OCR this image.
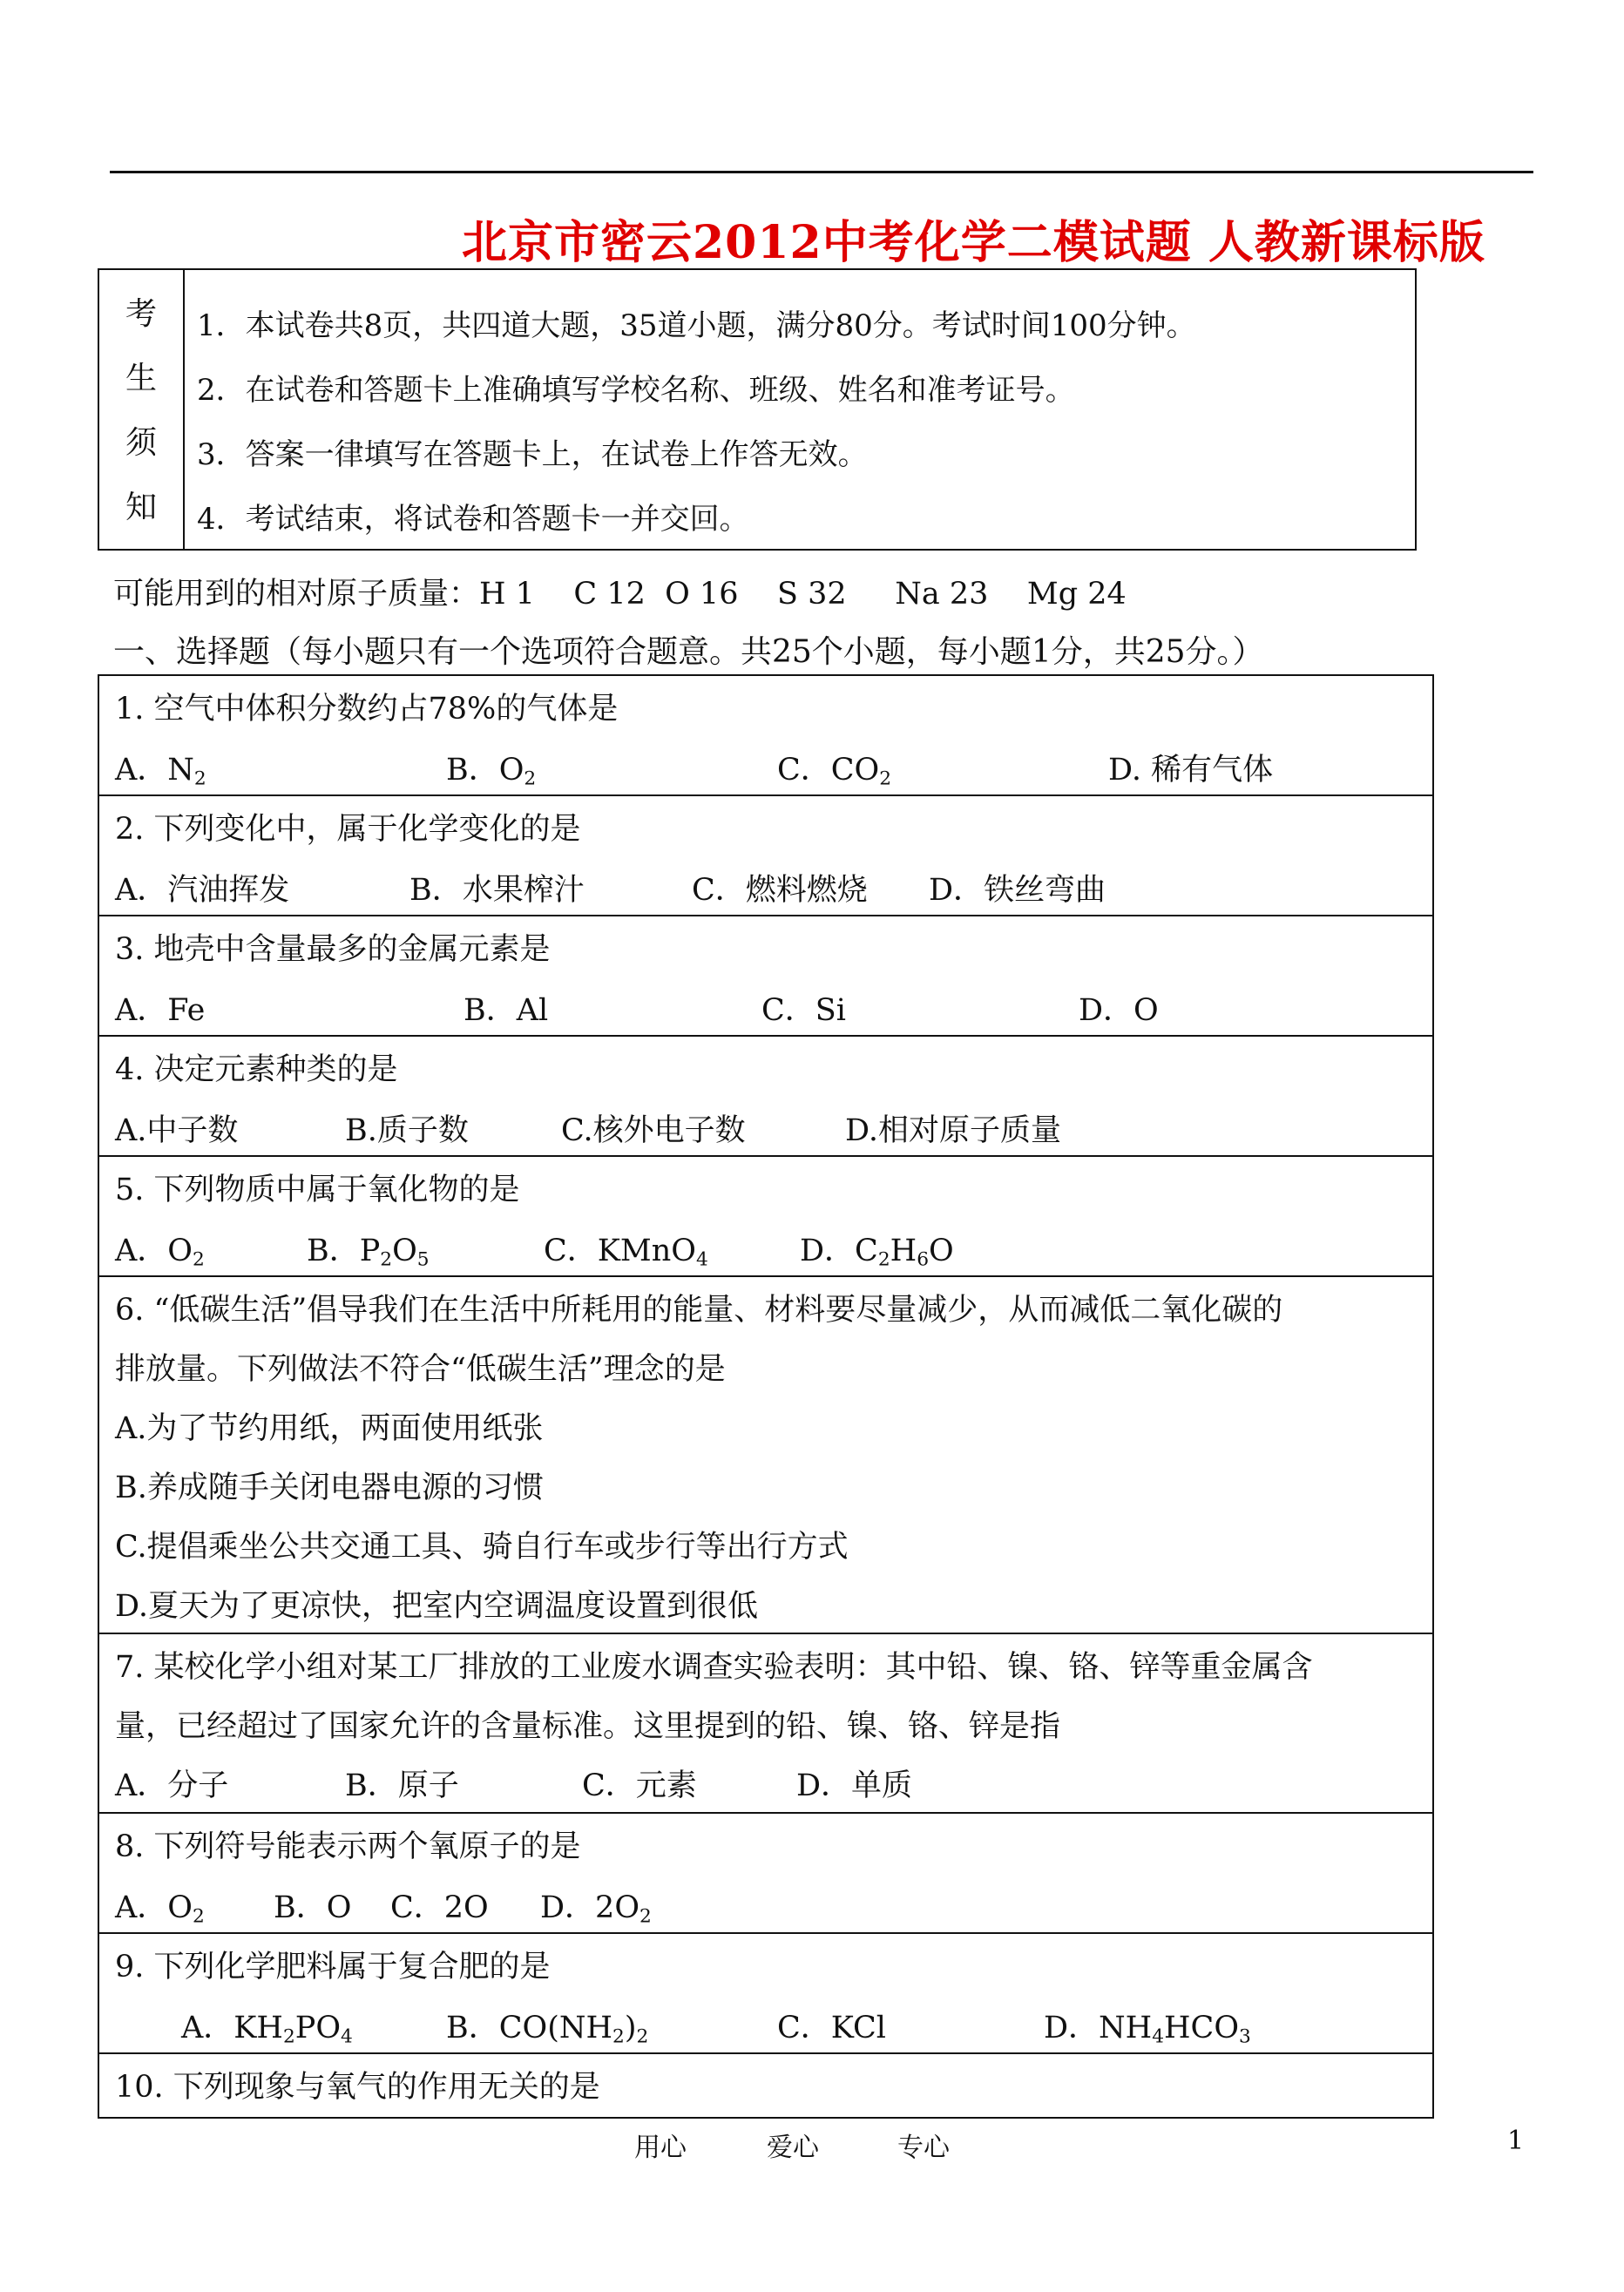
北京市密云2012中考化学二模试题 人教新课标版
考
生
须
知
1．本试卷共8页，共四道大题，35道小题，满分80分。考试时间100分钟。
2．在试卷和答题卡上准确填写学校名称、班级、姓名和准考证号。
3．答案一律填写在答题卡上，在试卷上作答无效。
4．考试结束，将试卷和答题卡一并交回。
可能用到的相对原子质量：H 1    C 12  O 16    S 32     Na 23    Mg 24
一、选择题（每小题只有一个选项符合题意。共25个小题，每小题1分，共25分。）
1. 空气中体积分数约占78%的气体是
A．$N_2$	B．$O_2$	C．$CO_2$	D. 稀有气体
2. 下列变化中，属于化学变化的是
A．汽油挥发	B．水果榨汁	C．燃料燃烧 D．铁丝弯曲
3. 地壳中含量最多的金属元素是
A．Fe	B．Al	C．Si	D．O
4. 决定元素种类的是
A.中子数	B.质子数	C.核外电子数	D.相对原子质量
5. 下列物质中属于氧化物的是
A．$O_2$	B．$P_2O_5$	C．KMnO$_4$	D．$C_2H_6O$
6. “低碳生活”倡导我们在生活中所耗用的能量、材料要尽量减少，从而减低二氧化碳的
排放量。下列做法不符合“低碳生活”理念的是
A.为了节约用纸，两面使用纸张
B.养成随手关闭电器电源的习惯
C.提倡乘坐公共交通工具、骑自行车或步行等出行方式
D.夏天为了更凉快，把室内空调温度设置到很低
7. 某校化学小组对某工厂排放的工业废水调查实验表明：其中铅、镍、铬、锌等重金属含
量，已经超过了国家允许的含量标准。这里提到的铅、镍、铬、锌是指
A．分子	B．原子	C．元素	D．单质
8. 下列符号能表示两个氧原子的是
A．$O_2$ B．O C．2O D．$2O_2$
9. 下列化学肥料属于复合肥的是
A．$KH_2PO_4$	B．$CO(NH_2)_2$	C．KCl	D．$NH_4HCO_3$
10. 下列现象与氧气的作用无关的是
用心	爱心	专心	1
